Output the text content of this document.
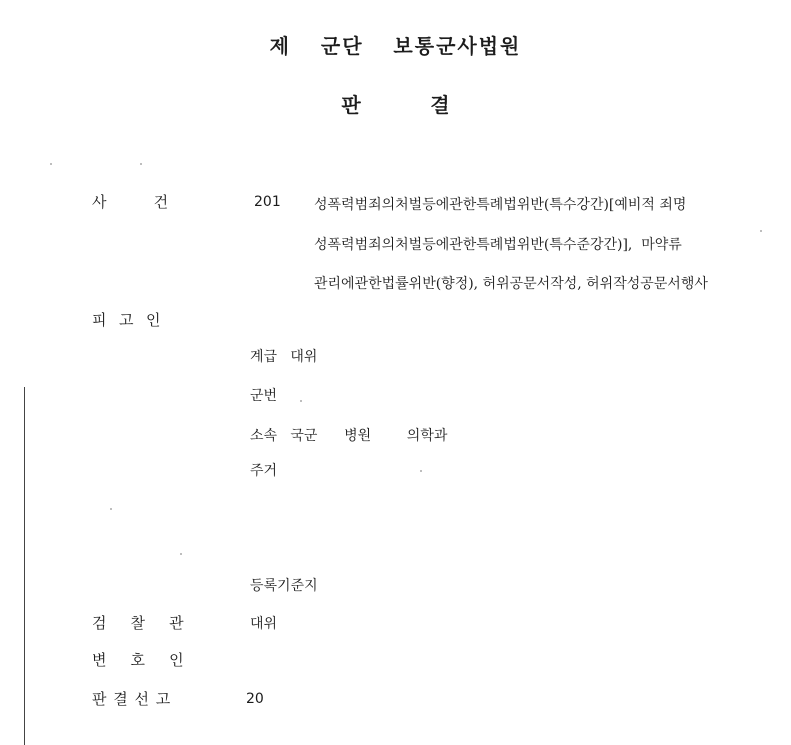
제  군단  보통군사법원
판          결
사        건	201 성폭력범죄의처벌등에관한특례법위반(특수강간)[예비적 죄명
성폭력범죄의처벌등에관한특례법위반(특수준강간)],  마약류
관리에관한법률위반(향정), 허위공문서작성, 허위작성공문서행사
피  고  인
계급   대위
군번
소속   국군      병원        의학과
주거
등록기준지
검    찰    관	대위
변    호    인
판 결 선 고	20
